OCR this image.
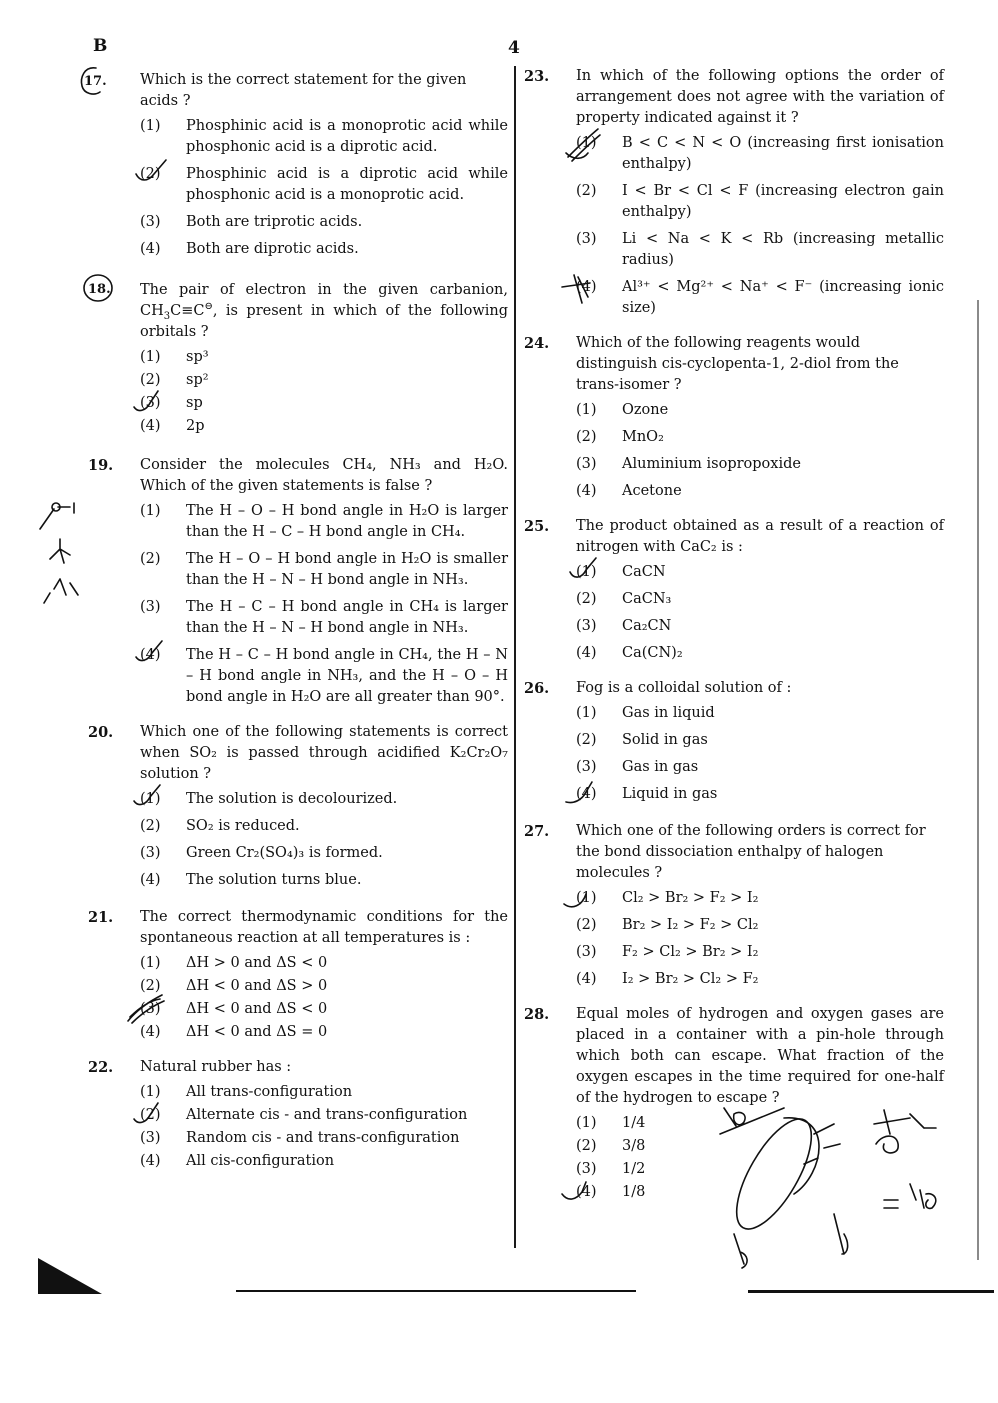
B	4
Which is the correct statement for the given acids ?
17.
(1)	Phosphinic acid is a monoprotic acid while phosphonic acid is a diprotic acid.
(2)	Phosphinic acid is a diprotic acid while phosphonic acid is a monoprotic acid.
(3)	Both are triprotic acids.
(4)	Both are diprotic acids.
The pair of electron in the given carbanion, $CH_3C\equiv C^⊖$, is present in which of the following orbitals ?
18.
(1)	sp³
(2)	sp²
(3)	sp
(4)	2p
19.	Consider the molecules CH₄, NH₃ and H₂O. Which of the given statements is false ?
(1)	The H – O – H bond angle in H₂O is larger than the H – C – H bond angle in CH₄.
(2)	The H – O – H bond angle in H₂O is smaller than the H – N – H bond angle in NH₃.
(3)	The H – C – H bond angle in CH₄ is larger than the H – N – H bond angle in NH₃.
(4)	The H – C – H bond angle in CH₄, the H – N – H bond angle in NH₃, and the H – O – H bond angle in H₂O are all greater than 90°.
20.	Which one of the following statements is correct when SO₂ is passed through acidified K₂Cr₂O₇ solution ?
(1)	The solution is decolourized.
(2)	SO₂ is reduced.
(3)	Green Cr₂(SO₄)₃ is formed.
(4)	The solution turns blue.
21.	The correct thermodynamic conditions for the spontaneous reaction at all temperatures is :
(1)	ΔH > 0 and ΔS < 0
(2)	ΔH < 0 and ΔS > 0
(3)	ΔH < 0 and ΔS < 0
(4)	ΔH < 0 and ΔS = 0
22.	Natural rubber has :
(1)	All trans-configuration
(2)	Alternate cis - and trans-configuration
(3)	Random cis - and trans-configuration
(4)	All cis-configuration
23.	In which of the following options the order of arrangement does not agree with the variation of property indicated against it ?
(1)	B < C < N < O (increasing first ionisation enthalpy)
(2)	I < Br < Cl < F (increasing electron gain enthalpy)
(3)	Li < Na < K < Rb (increasing metallic radius)
(4)	Al³⁺ < Mg²⁺ < Na⁺ < F⁻ (increasing ionic size)
24.	Which of the following reagents would distinguish cis-cyclopenta-1, 2-diol from the trans-isomer ?
(1)	Ozone
(2)	MnO₂
(3)	Aluminium isopropoxide
(4)	Acetone
25.	The product obtained as a result of a reaction of nitrogen with CaC₂ is :
(1)	CaCN
(2)	CaCN₃
(3)	Ca₂CN
(4)	Ca(CN)₂
26.	Fog is a colloidal solution of :
(1)	Gas in liquid
(2)	Solid in gas
(3)	Gas in gas
(4)	Liquid in gas
27.	Which one of the following orders is correct for the bond dissociation enthalpy of halogen molecules ?
(1)	Cl₂ > Br₂ > F₂ > I₂
(2)	Br₂ > I₂ > F₂ > Cl₂
(3)	F₂ > Cl₂ > Br₂ > I₂
(4)	I₂ > Br₂ > Cl₂ > F₂
28.	Equal moles of hydrogen and oxygen gases are placed in a container with a pin-hole through which both can escape. What fraction of the oxygen escapes in the time required for one-half of the hydrogen to escape ?
(1)	1/4
(2)	3/8
(3)	1/2
(4)	1/8
